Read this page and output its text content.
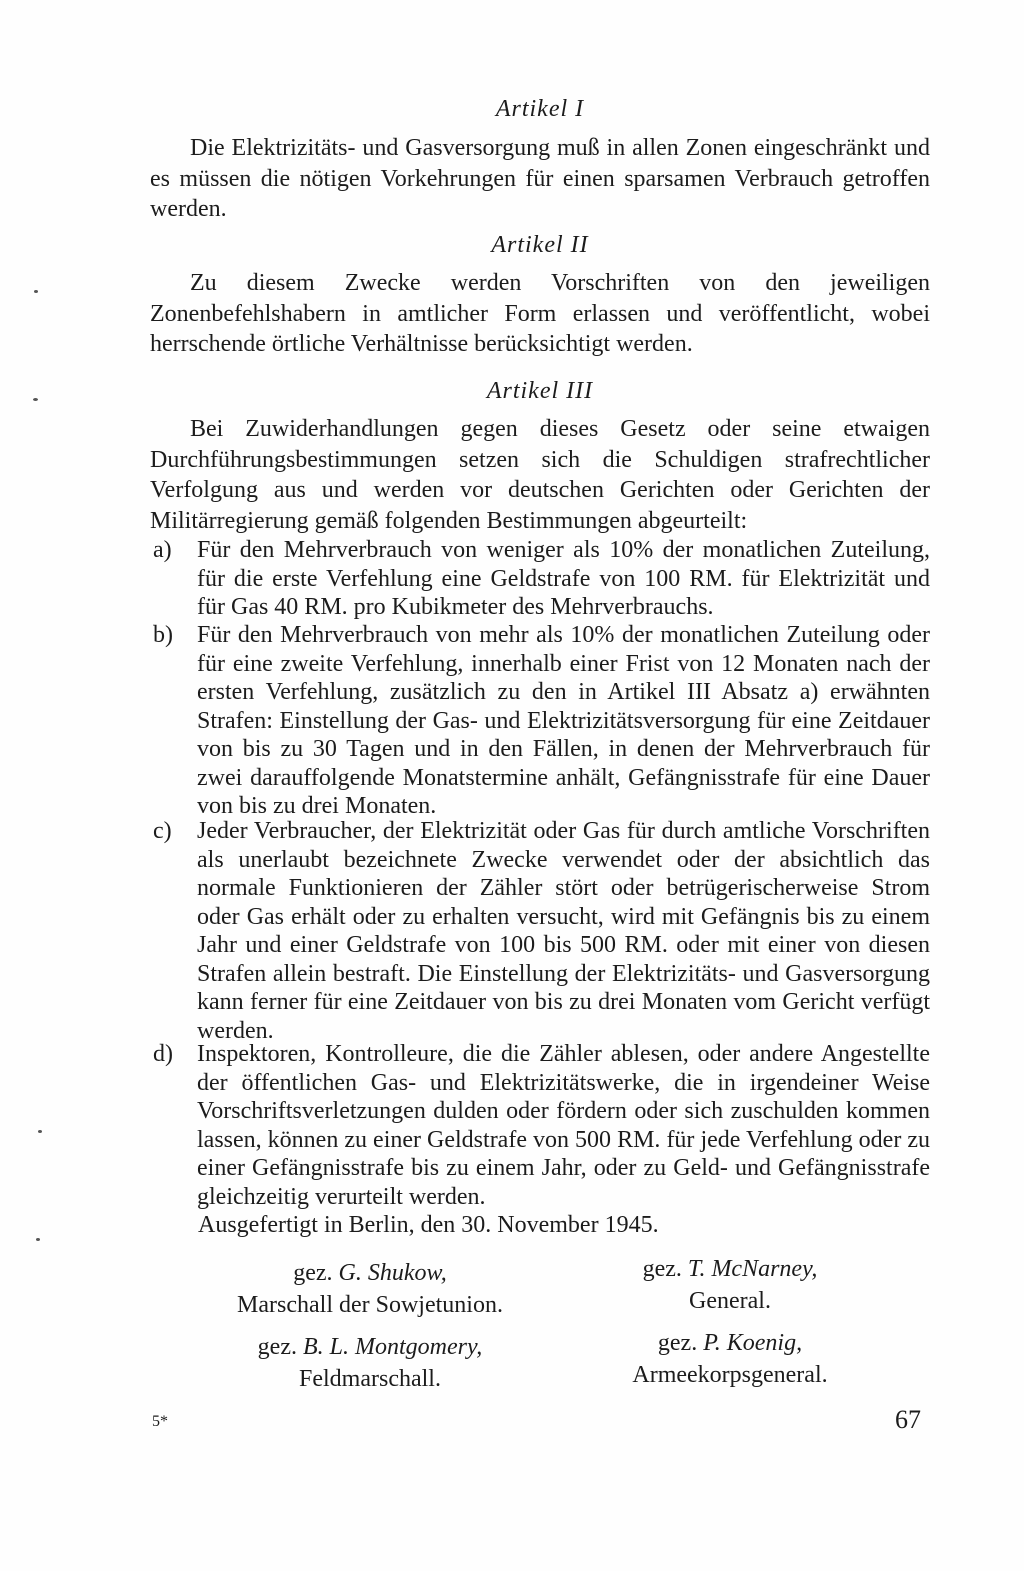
Artikel I

Die Elektrizitäts- und Gasversorgung muß in allen Zonen eingeschränkt und es müssen die nötigen Vorkehrungen für einen sparsamen Verbrauch getroffen werden.

Artikel II

Zu diesem Zwecke werden Vorschriften von den jeweiligen Zonenbefehlshabern in amtlicher Form erlassen und veröffentlicht, wobei herrschende örtliche Verhältnisse berücksichtigt werden.

Artikel III

Bei Zuwiderhandlungen gegen dieses Gesetz oder seine etwaigen Durchführungsbestimmungen setzen sich die Schuldigen strafrechtlicher Verfolgung aus und werden vor deutschen Gerichten oder Gerichten der Militärregierung gemäß folgenden Bestimmungen abgeurteilt:

a) Für den Mehrverbrauch von weniger als 10% der monatlichen Zuteilung, für die erste Verfehlung eine Geldstrafe von 100 RM. für Elektrizität und für Gas 40 RM. pro Kubikmeter des Mehrverbrauchs.
b) Für den Mehrverbrauch von mehr als 10% der monatlichen Zuteilung oder für eine zweite Verfehlung, innerhalb einer Frist von 12 Monaten nach der ersten Verfehlung, zusätzlich zu den in Artikel III Absatz a) erwähnten Strafen: Einstellung der Gas- und Elektrizitätsversorgung für eine Zeitdauer von bis zu 30 Tagen und in den Fällen, in denen der Mehrverbrauch für zwei darauffolgende Monatstermine anhält, Gefängnisstrafe für eine Dauer von bis zu drei Monaten.
c) Jeder Verbraucher, der Elektrizität oder Gas für durch amtliche Vorschriften als unerlaubt bezeichnete Zwecke verwendet oder der absichtlich das normale Funktionieren der Zähler stört oder betrügerischerweise Strom oder Gas erhält oder zu erhalten versucht, wird mit Gefängnis bis zu einem Jahr und einer Geldstrafe von 100 bis 500 RM. oder mit einer von diesen Strafen allein bestraft. Die Einstellung der Elektrizitäts- und Gasversorgung kann ferner für eine Zeitdauer von bis zu drei Monaten vom Gericht verfügt werden.
d) Inspektoren, Kontrolleure, die die Zähler ablesen, oder andere Angestellte der öffentlichen Gas- und Elektrizitätswerke, die in irgendeiner Weise Vorschriftsverletzungen dulden oder fördern oder sich zuschulden kommen lassen, können zu einer Geldstrafe von 500 RM. für jede Verfehlung oder zu einer Gefängnisstrafe bis zu einem Jahr, oder zu Geld- und Gefängnisstrafe gleichzeitig verurteilt werden.

Ausgefertigt in Berlin, den 30. November 1945.

gez. G. Shukow,
Marschall der Sowjetunion.
gez. T. McNarney,
General.
gez. B. L. Montgomery,
Feldmarschall.
gez. P. Koenig,
Armeekorpsgeneral.
5*	67
